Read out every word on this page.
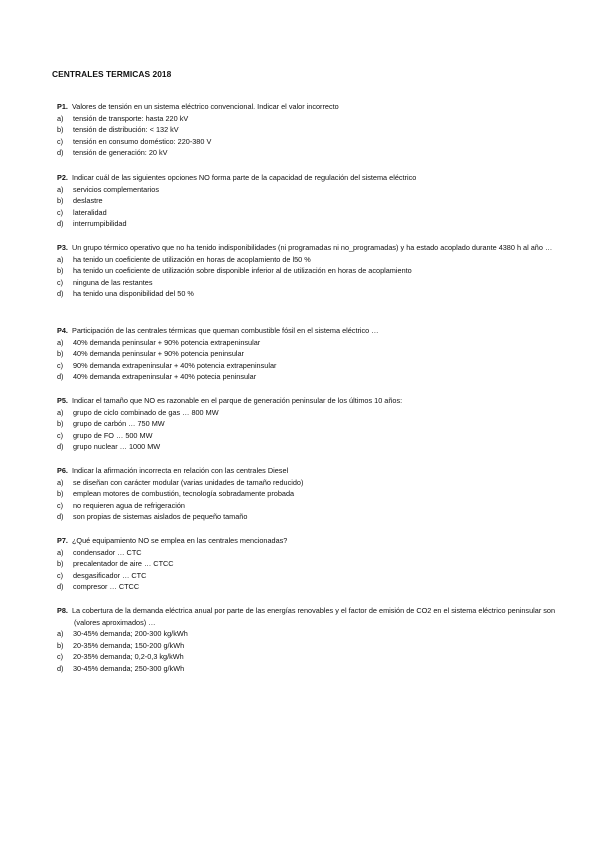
CENTRALES TERMICAS 2018
P1. Valores de tensión en un sistema eléctrico convencional. Indicar el valor incorrecto
a) tensión de transporte: hasta 220 kV
b) tensión de distribución: < 132 kV
c) tensión en consumo doméstico: 220-380 V
d) tensión de generación: 20 kV
P2. Indicar cuál de las siguientes opciones NO forma parte de la capacidad de regulación del sistema eléctrico
a) servicios complementarios
b) deslastre
c) lateralidad
d) interrumpibilidad
P3. Un grupo térmico operativo que no ha tenido indisponibilidades (ni programadas ni no_programadas) y ha estado acoplado durante 4380 h al año …
a) ha tenido un coeficiente de utilización en horas de acoplamiento de l50 %
b) ha tenido un coeficiente de utilización sobre disponible inferior al de utilización en horas de acoplamiento
c) ninguna de las restantes
d) ha tenido una disponibilidad del 50 %
P4. Participación de las centrales térmicas que queman combustible fósil en el sistema eléctrico …
a) 40% demanda peninsular + 90% potencia extrapeninsular
b) 40% demanda peninsular + 90% potencia peninsular
c) 90% demanda extrapeninsular + 40% potencia extrapeninsular
d) 40% demanda extrapeninsular + 40% potecia peninsular
P5. Indicar el tamaño que NO es razonable en el parque de generación peninsular de los últimos 10 años:
a) grupo de ciclo combinado de gas … 800 MW
b) grupo de carbón … 750 MW
c) grupo de FO … 500 MW
d) grupo nuclear … 1000 MW
P6. Indicar la afirmación incorrecta en relación con las centrales Diesel
a) se diseñan con carácter modular (varias unidades de tamaño reducido)
b) emplean motores de combustión, tecnología sobradamente probada
c) no requieren agua de refrigeración
d) son propias de sistemas aislados de pequeño tamaño
P7. ¿Qué equipamiento NO se emplea en las centrales mencionadas?
a) condensador … CTC
b) precalentador de aire … CTCC
c) desgasificador … CTC
d) compresor … CTCC
P8. La cobertura de la demanda eléctrica anual por parte de las energías renovables y el factor de emisión de CO2 en el sistema eléctrico peninsular son (valores aproximados) …
a) 30-45% demanda; 200-300 kg/kWh
b) 20-35% demanda; 150-200 g/kWh
c) 20-35% demanda; 0,2-0,3 kg/kWh
d) 30-45% demanda; 250-300 g/kWh
